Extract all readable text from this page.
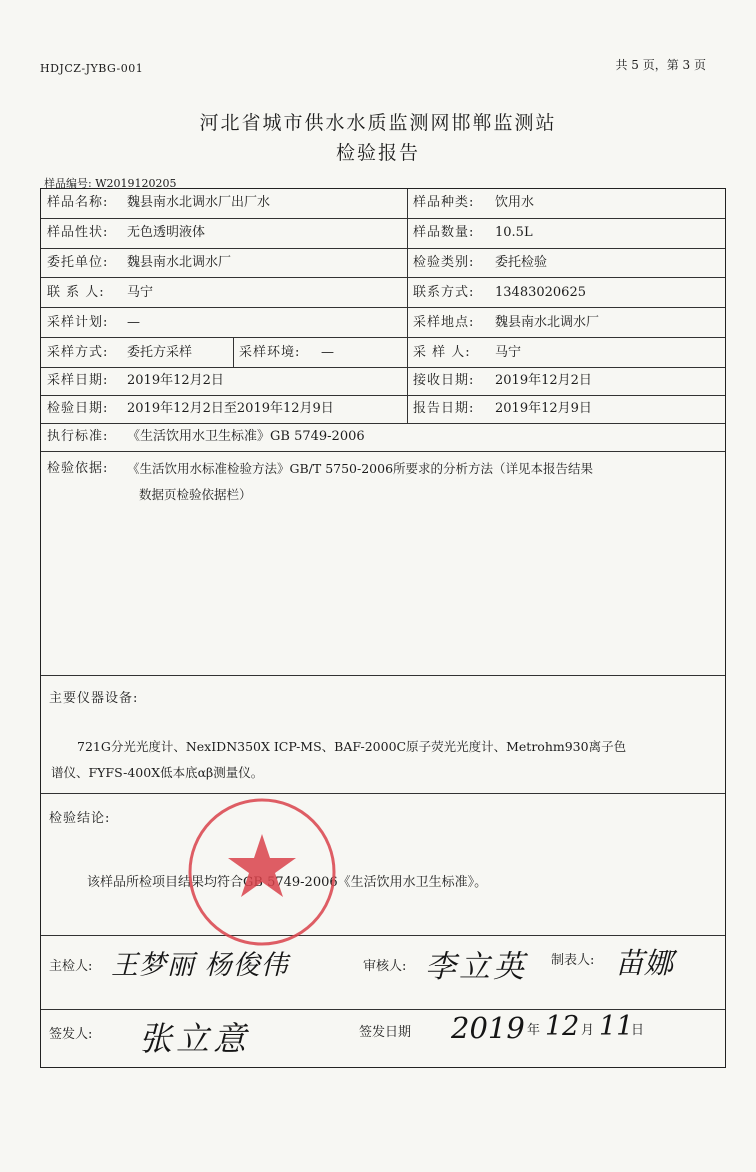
HDJCZ-JYBG-001	共 5 页，第 3 页
河北省城市供水水质监测网邯郸监测站
检验报告
样品编号: W2019120205
样品名称: 魏县南水北调水厂出厂水	样品种类: 饮用水
样品性状: 无色透明液体	样品数量: 10.5L
委托单位: 魏县南水北调水厂	检验类别: 委托检验
联 系 人: 马宁	联系方式: 13483020625
采样计划: —	采样地点: 魏县南水北调水厂
采样方式: 委托方采样	采样环境: —	采 样 人: 马宁
采样日期: 2019年12月2日	接收日期: 2019年12月2日
检验日期: 2019年12月2日至2019年12月9日	报告日期: 2019年12月9日
执行标准: 《生活饮用水卫生标准》GB 5749-2006
检验依据: 《生活饮用水标准检验方法》GB/T 5750-2006所要求的分析方法（详见本报告结果
数据页检验依据栏）
主要仪器设备:
721G分光光度计、NexIDN350X ICP-MS、BAF-2000C原子荧光光度计、Metrohm930离子色
谱仪、FYFS-400X低本底αβ测量仪。
检验结论:
该样品所检项目结果均符合GB 5749-2006《生活饮用水卫生标准》。
主检人: 王梦丽 杨俊伟	审核人: 李立英 制表人: 苗娜
签发人: 张立意	签发日期 2019 年 12 月 11
日
